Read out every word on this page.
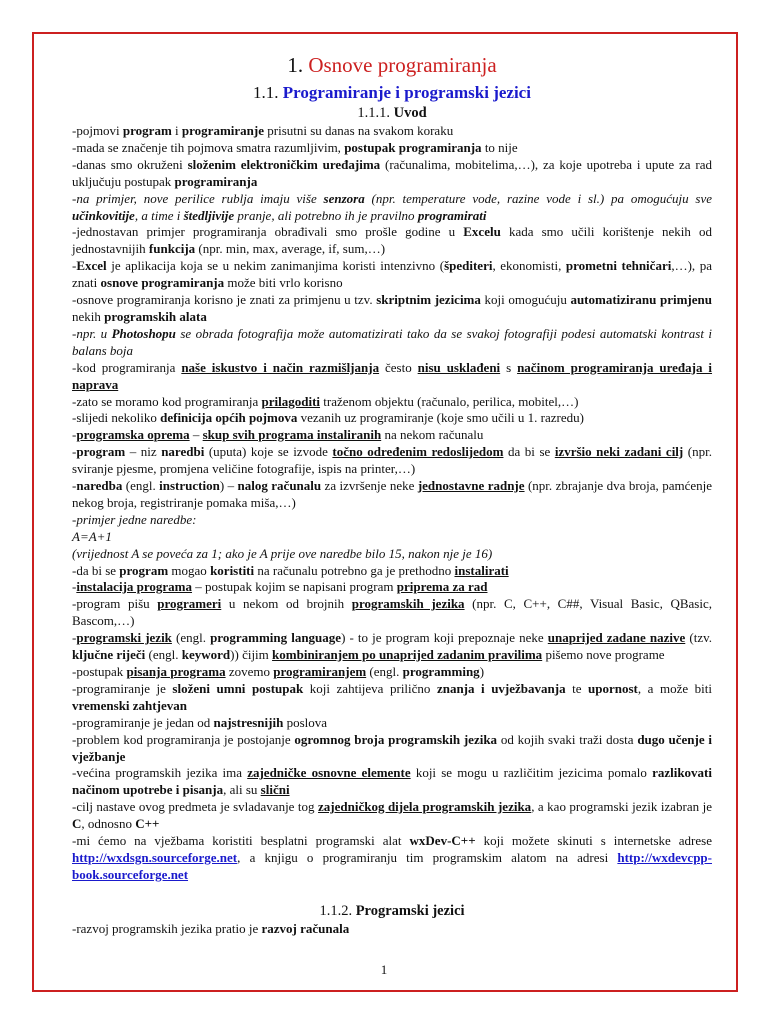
1. Osnove programiranja
1.1. Programiranje i programski jezici
1.1.1. Uvod
-pojmovi program i programiranje prisutni su danas na svakom koraku
-mada se značenje tih pojmova smatra razumljivim, postupak programiranja to nije
-danas smo okruženi složenim elektroničkim uređajima (računalima, mobitelima,…), za koje upotreba i upute za rad uključuju postupak programiranja
-na primjer, nove perilice rublja imaju više senzora (npr. temperature vode, razine vode i sl.) pa omogućuju sve učinkovitije, a time i štedljivije pranje, ali potrebno ih je pravilno programirati
-jednostavan primjer programiranja obrađivali smo prošle godine u Excelu kada smo učili korištenje nekih od jednostavnijih funkcija (npr. min, max, average, if, sum,…)
-Excel je aplikacija koja se u nekim zanimanjima koristi intenzivno (špediteri, ekonomisti, prometni tehničari,…), pa znati osnove programiranja može biti vrlo korisno
-osnove programiranja korisno je znati za primjenu u tzv. skriptnim jezicima koji omogućuju automatiziranu primjenu nekih programskih alata
-npr. u Photoshopu se obrada fotografija može automatizirati tako da se svakoj fotografiji podesi automatski kontrast i balans boja
-kod programiranja naše iskustvo i način razmišljanja često nisu usklađeni s načinom programiranja uređaja i naprava
-zato se moramo kod programiranja prilagoditi traženom objektu (računalo, perilica, mobitel,…)
-slijedi nekoliko definicija općih pojmova vezanih uz programiranje (koje smo učili u 1. razredu)
-programska oprema – skup svih programa instaliranih na nekom računalu
-program – niz naredbi (uputa) koje se izvode točno određenim redoslijedom da bi se izvršio neki zadani cilj (npr. sviranje pjesme, promjena veličine fotografije, ispis na printer,…)
-naredba (engl. instruction) – nalog računalu za izvršenje neke jednostavne radnje (npr. zbrajanje dva broja, pamćenje nekog broja, registriranje pomaka miša,…)
-primjer jedne naredbe:
A=A+1
(vrijednost A se poveća za 1; ako je A prije ove naredbe bilo 15, nakon nje je 16)
-da bi se program mogao koristiti na računalu potrebno ga je prethodno instalirati
-instalacija programa – postupak kojim se napisani program priprema za rad
-program pišu programeri u nekom od brojnih programskih jezika (npr. C, C++, C##, Visual Basic, QBasic, Bascom,…)
-programski jezik (engl. programming language) - to je program koji prepoznaje neke unaprijed zadane nazive (tzv. ključne riječi (engl. keyword)) čijim kombiniranjem po unaprijed zadanim pravilima pišemo nove programe
-postupak pisanja programa zovemo programiranjem (engl. programming)
-programiranje je složeni umni postupak koji zahtijeva prilično znanja i uvježbavanja te upornost, a može biti vremenski zahtjevan
-programiranje je jedan od najstresnijih poslova
-problem kod programiranja je postojanje ogromnog broja programskih jezika od kojih svaki traži dosta dugo učenje i vježbanje
-većina programskih jezika ima zajedničke osnovne elemente koji se mogu u različitim jezicima pomalo razlikovati načinom upotrebe i pisanja, ali su slični
-cilj nastave ovog predmeta je svladavanje tog zajedničkog dijela programskih jezika, a kao programski jezik izabran je C, odnosno C++
-mi ćemo na vježbama koristiti besplatni programski alat wxDev-C++ koji možete skinuti s internetske adrese http://wxdsgn.sourceforge.net, a knjigu o programiranju tim programskim alatom na adresi http://wxdevcpp-book.sourceforge.net
1.1.2. Programski jezici
-razvoj programskih jezika pratio je razvoj računala
1
